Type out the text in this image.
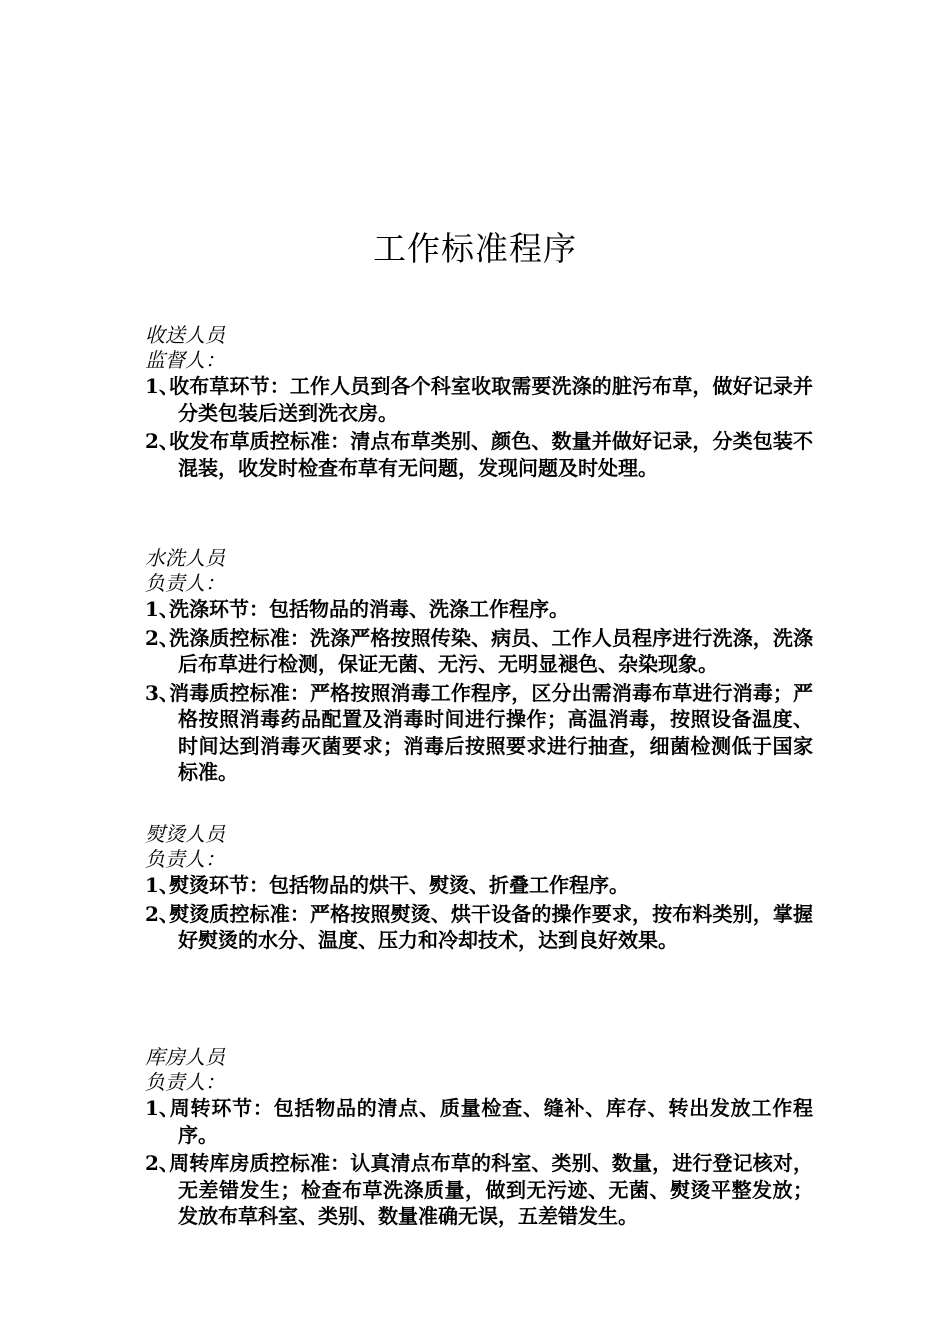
工作标准程序

收送人员

监督人：

1、收布草环节：工作人员到各个科室收取需要洗涤的脏污布草，做好记录并分类包装后送到洗衣房。
2、收发布草质控标准：清点布草类别、颜色、数量并做好记录，分类包装不混装，收发时检查布草有无问题，发现问题及时处理。

水洗人员

负责人：

1、洗涤环节：包括物品的消毒、洗涤工作程序。
2、洗涤质控标准：洗涤严格按照传染、病员、工作人员程序进行洗涤，洗涤后布草进行检测，保证无菌、无污、无明显褪色、杂染现象。
3、消毒质控标准：严格按照消毒工作程序，区分出需消毒布草进行消毒；严格按照消毒药品配置及消毒时间进行操作；高温消毒，按照设备温度、时间达到消毒灭菌要求；消毒后按照要求进行抽查，细菌检测低于国家标准。

熨烫人员

负责人：

1、熨烫环节：包括物品的烘干、熨烫、折叠工作程序。
2、熨烫质控标准：严格按照熨烫、烘干设备的操作要求，按布料类别，掌握好熨烫的水分、温度、压力和冷却技术，达到良好效果。

库房人员

负责人：

1、周转环节：包括物品的清点、质量检查、缝补、库存、转出发放工作程序。
2、周转库房质控标准：认真清点布草的科室、类别、数量，进行登记核对，无差错发生；检查布草洗涤质量，做到无污迹、无菌、熨烫平整发放；发放布草科室、类别、数量准确无误，五差错发生。
